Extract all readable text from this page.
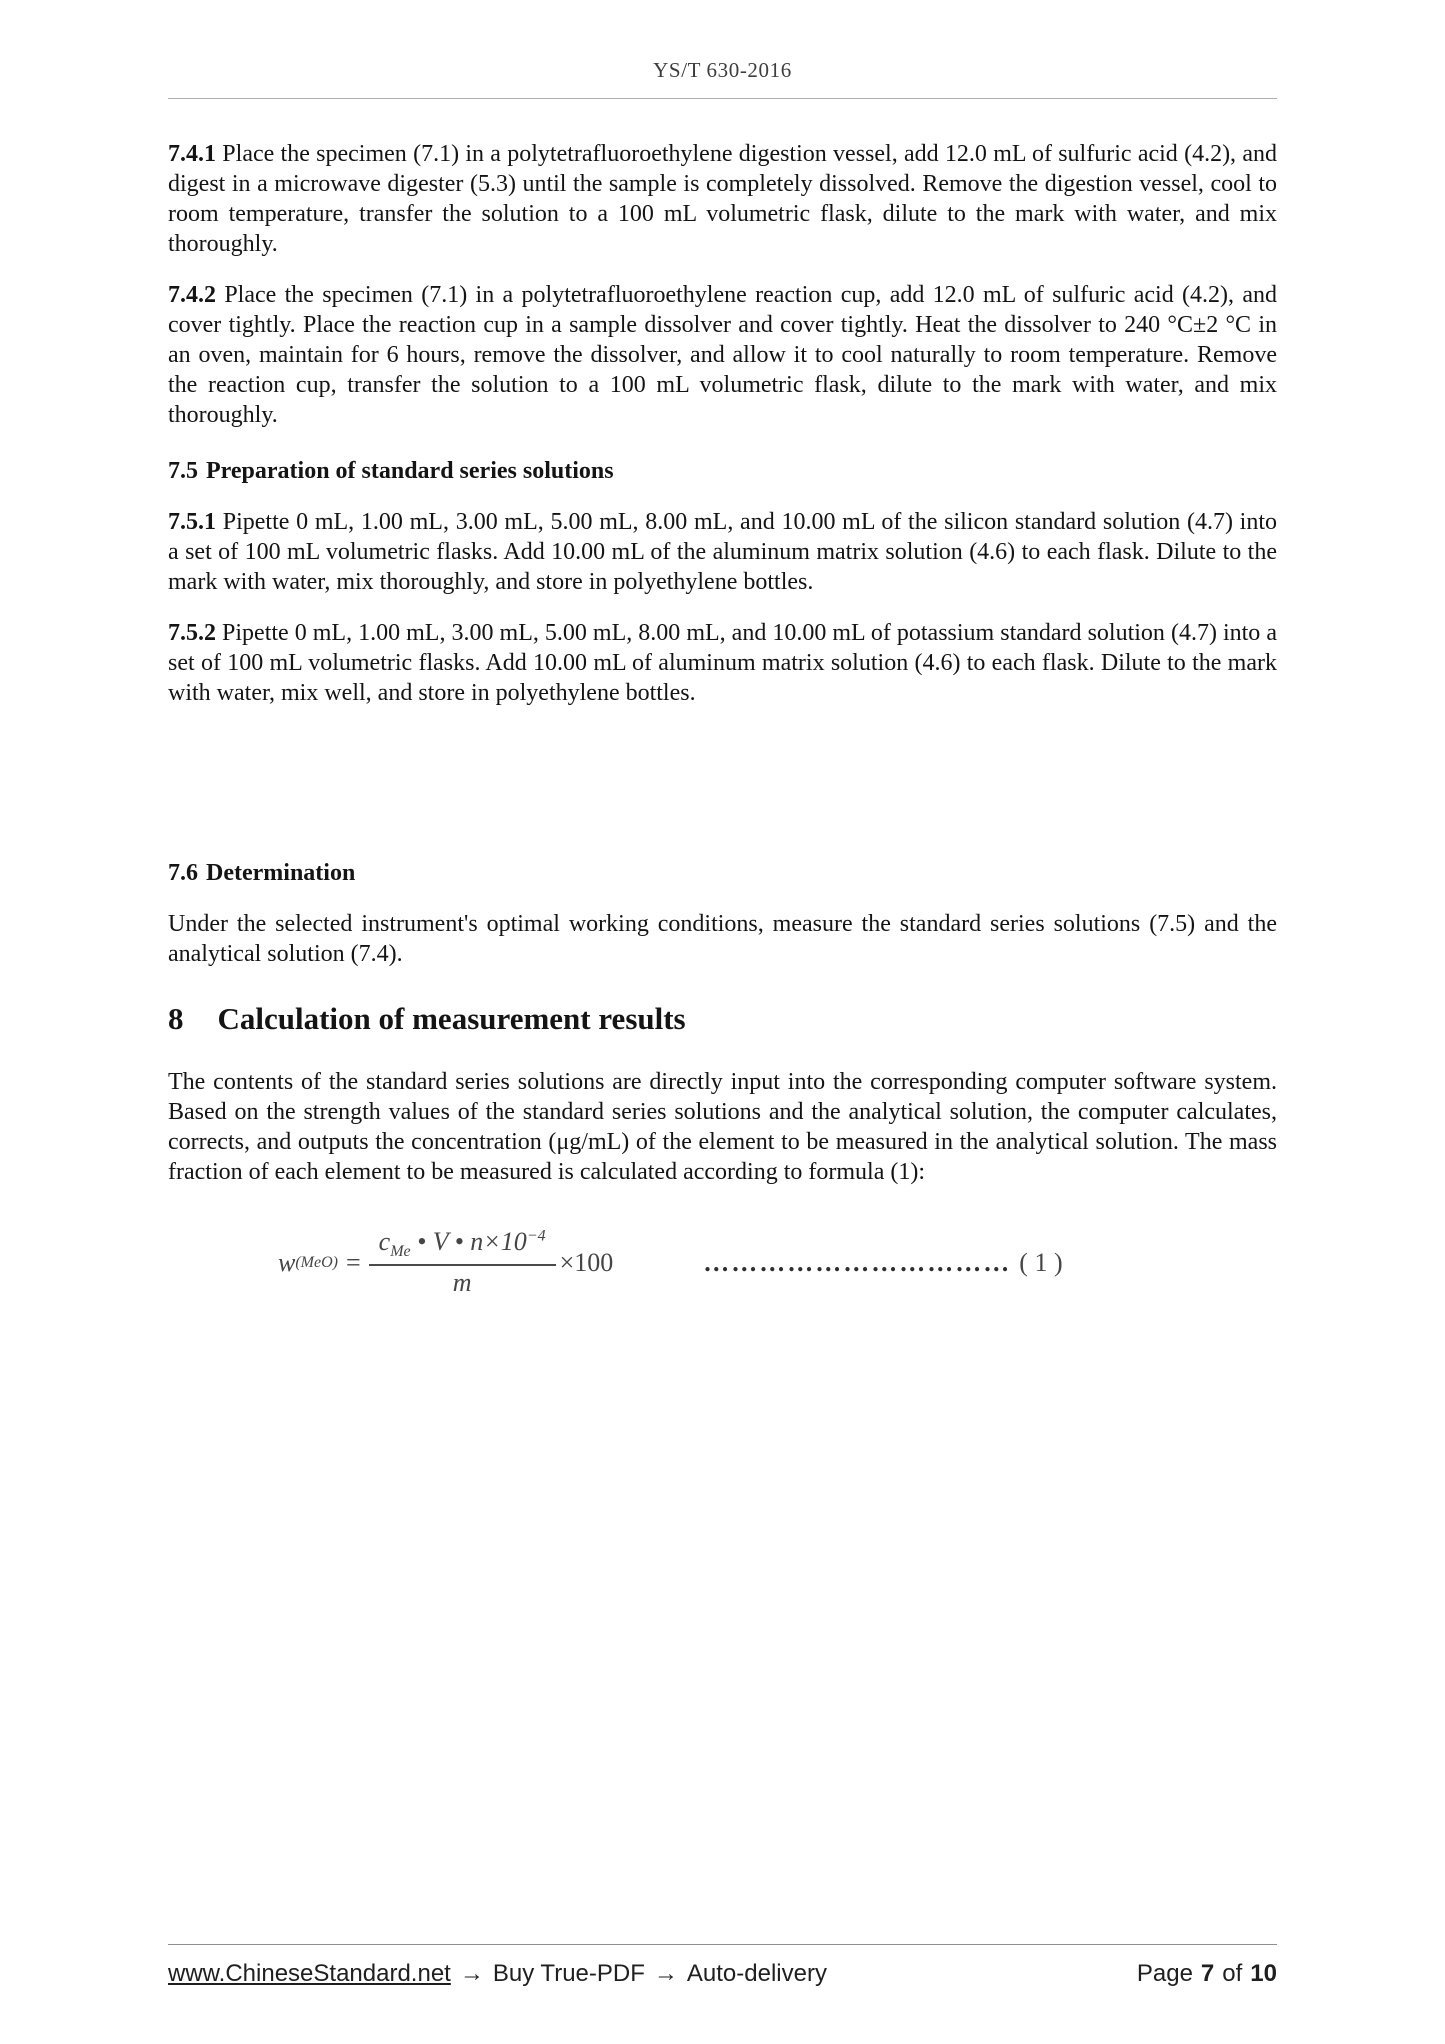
YS/T 630-2016

7.4.1 Place the specimen (7.1) in a polytetrafluoroethylene digestion vessel, add 12.0 mL of sulfuric acid (4.2), and digest in a microwave digester (5.3) until the sample is completely dissolved. Remove the digestion vessel, cool to room temperature, transfer the solution to a 100 mL volumetric flask, dilute to the mark with water, and mix thoroughly.

7.4.2 Place the specimen (7.1) in a polytetrafluoroethylene reaction cup, add 12.0 mL of sulfuric acid (4.2), and cover tightly. Place the reaction cup in a sample dissolver and cover tightly. Heat the dissolver to 240 °C±2 °C in an oven, maintain for 6 hours, remove the dissolver, and allow it to cool naturally to room temperature. Remove the reaction cup, transfer the solution to a 100 mL volumetric flask, dilute to the mark with water, and mix thoroughly.

7.5 Preparation of standard series solutions

7.5.1 Pipette 0 mL, 1.00 mL, 3.00 mL, 5.00 mL, 8.00 mL, and 10.00 mL of the silicon standard solution (4.7) into a set of 100 mL volumetric flasks. Add 10.00 mL of the aluminum matrix solution (4.6) to each flask. Dilute to the mark with water, mix thoroughly, and store in polyethylene bottles.

7.5.2 Pipette 0 mL, 1.00 mL, 3.00 mL, 5.00 mL, 8.00 mL, and 10.00 mL of potassium standard solution (4.7) into a set of 100 mL volumetric flasks. Add 10.00 mL of aluminum matrix solution (4.6) to each flask. Dilute to the mark with water, mix well, and store in polyethylene bottles.

7.6 Determination

Under the selected instrument's optimal working conditions, measure the standard series solutions (7.5) and the analytical solution (7.4).

8 Calculation of measurement results

The contents of the standard series solutions are directly input into the corresponding computer software system. Based on the strength values of the standard series solutions and the analytical solution, the computer calculates, corrects, and outputs the concentration (μg/mL) of the element to be measured in the analytical solution. The mass fraction of each element to be measured is calculated according to formula (1):

w $(MeO) = \frac{c_{Me} • V • n\times 10^{-4}}{m} \times 100$	…………………………… ( 1 )
www.ChineseStandard.net → Buy True-PDF → Auto-delivery	Page 7 of 10
